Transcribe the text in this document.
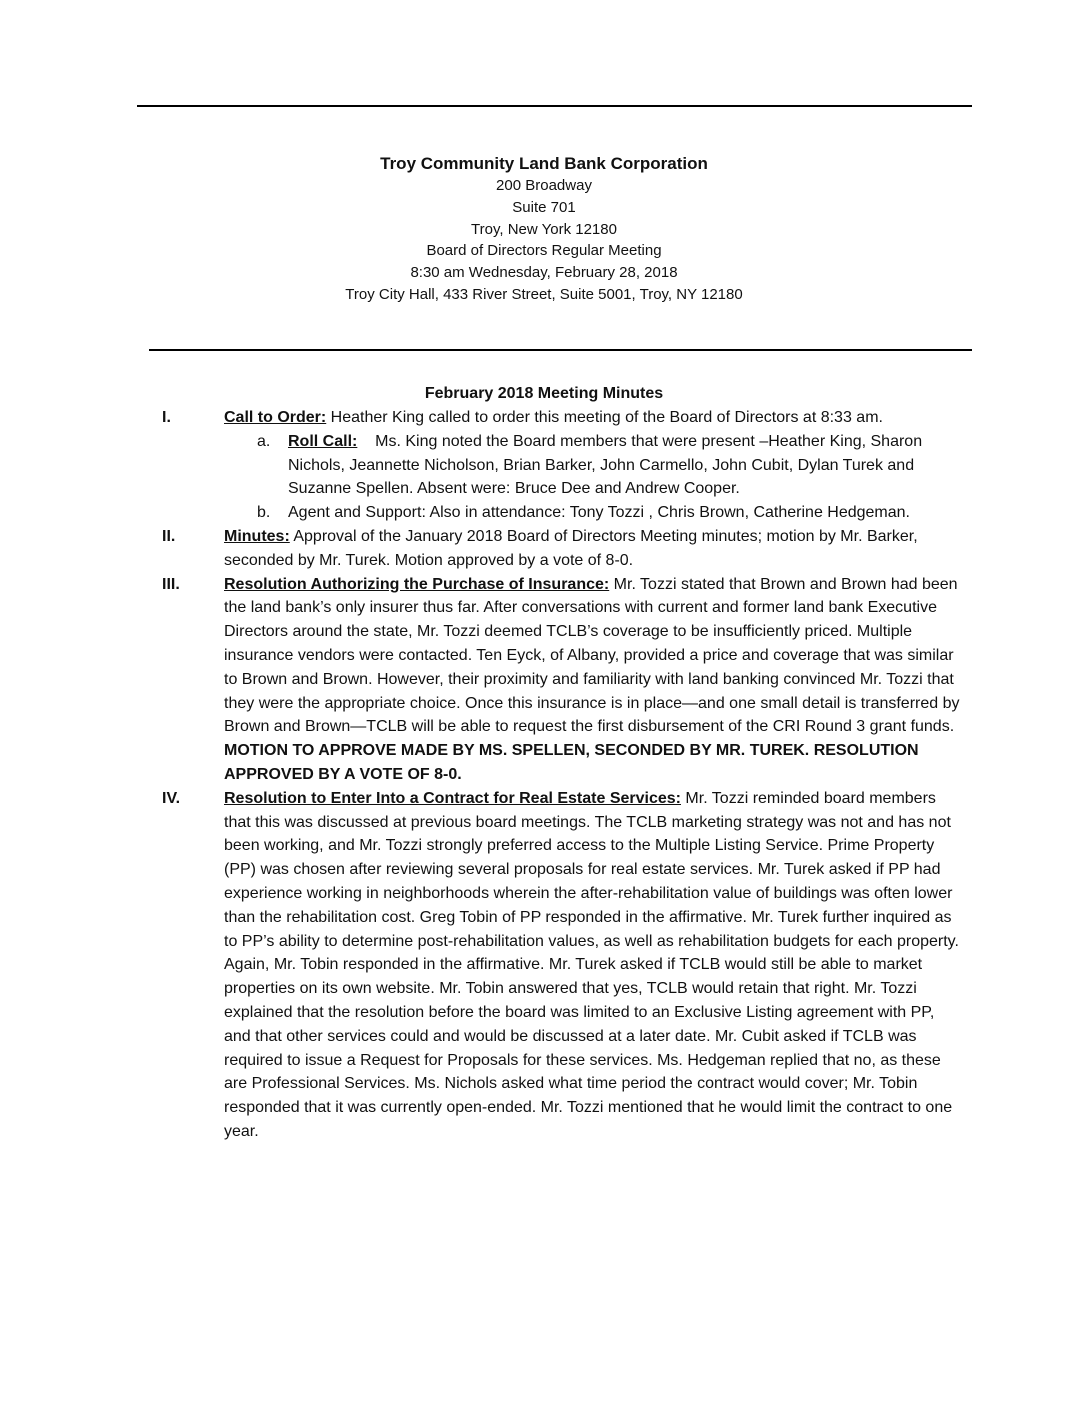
Troy Community Land Bank Corporation
200 Broadway
Suite 701
Troy, New York 12180
Board of Directors Regular Meeting
8:30 am Wednesday, February 28, 2018
Troy City Hall, 433 River Street, Suite 5001, Troy, NY 12180
February 2018 Meeting Minutes
I.	Call to Order: Heather King called to order this meeting of the Board of Directors at 8:33 am.
a. Roll Call:    Ms. King noted the Board members that were present –Heather King, Sharon Nichols, Jeannette Nicholson, Brian Barker, John Carmello, John Cubit, Dylan Turek and Suzanne Spellen. Absent were: Bruce Dee and Andrew Cooper.
b. Agent and Support: Also in attendance: Tony Tozzi , Chris Brown, Catherine Hedgeman.
II.	Minutes: Approval of the January 2018 Board of Directors Meeting minutes; motion by Mr. Barker, seconded by Mr. Turek. Motion approved by a vote of 8-0.
III.	Resolution Authorizing the Purchase of Insurance: Mr. Tozzi stated that Brown and Brown had been the land bank’s only insurer thus far. After conversations with current and former land bank Executive Directors around the state, Mr. Tozzi deemed TCLB’s coverage to be insufficiently priced. Multiple insurance vendors were contacted. Ten Eyck, of Albany, provided a price and coverage that was similar to Brown and Brown. However, their proximity and familiarity with land banking convinced Mr. Tozzi that they were the appropriate choice. Once this insurance is in place—and one small detail is transferred by Brown and Brown—TCLB will be able to request the first disbursement of the CRI Round 3 grant funds.
MOTION TO APPROVE MADE BY MS. SPELLEN, SECONDED BY MR. TUREK. RESOLUTION APPROVED BY A VOTE OF 8-0.
IV.	Resolution to Enter Into a Contract for Real Estate Services: Mr. Tozzi reminded board members that this was discussed at previous board meetings. The TCLB marketing strategy was not and has not been working, and Mr. Tozzi strongly preferred access to the Multiple Listing Service. Prime Property (PP) was chosen after reviewing several proposals for real estate services. Mr. Turek asked if PP had experience working in neighborhoods wherein the after-rehabilitation value of buildings was often lower than the rehabilitation cost. Greg Tobin of PP responded in the affirmative. Mr. Turek further inquired as to PP’s ability to determine post-rehabilitation values, as well as rehabilitation budgets for each property. Again, Mr. Tobin responded in the affirmative. Mr. Turek asked if TCLB would still be able to market properties on its own website. Mr. Tobin answered that yes, TCLB would retain that right. Mr. Tozzi explained that the resolution before the board was limited to an Exclusive Listing agreement with PP, and that other services could and would be discussed at a later date. Mr. Cubit asked if TCLB was required to issue a Request for Proposals for these services. Ms. Hedgeman replied that no, as these are Professional Services. Ms. Nichols asked what time period the contract would cover; Mr. Tobin responded that it was currently open-ended. Mr. Tozzi mentioned that he would limit the contract to one year.
